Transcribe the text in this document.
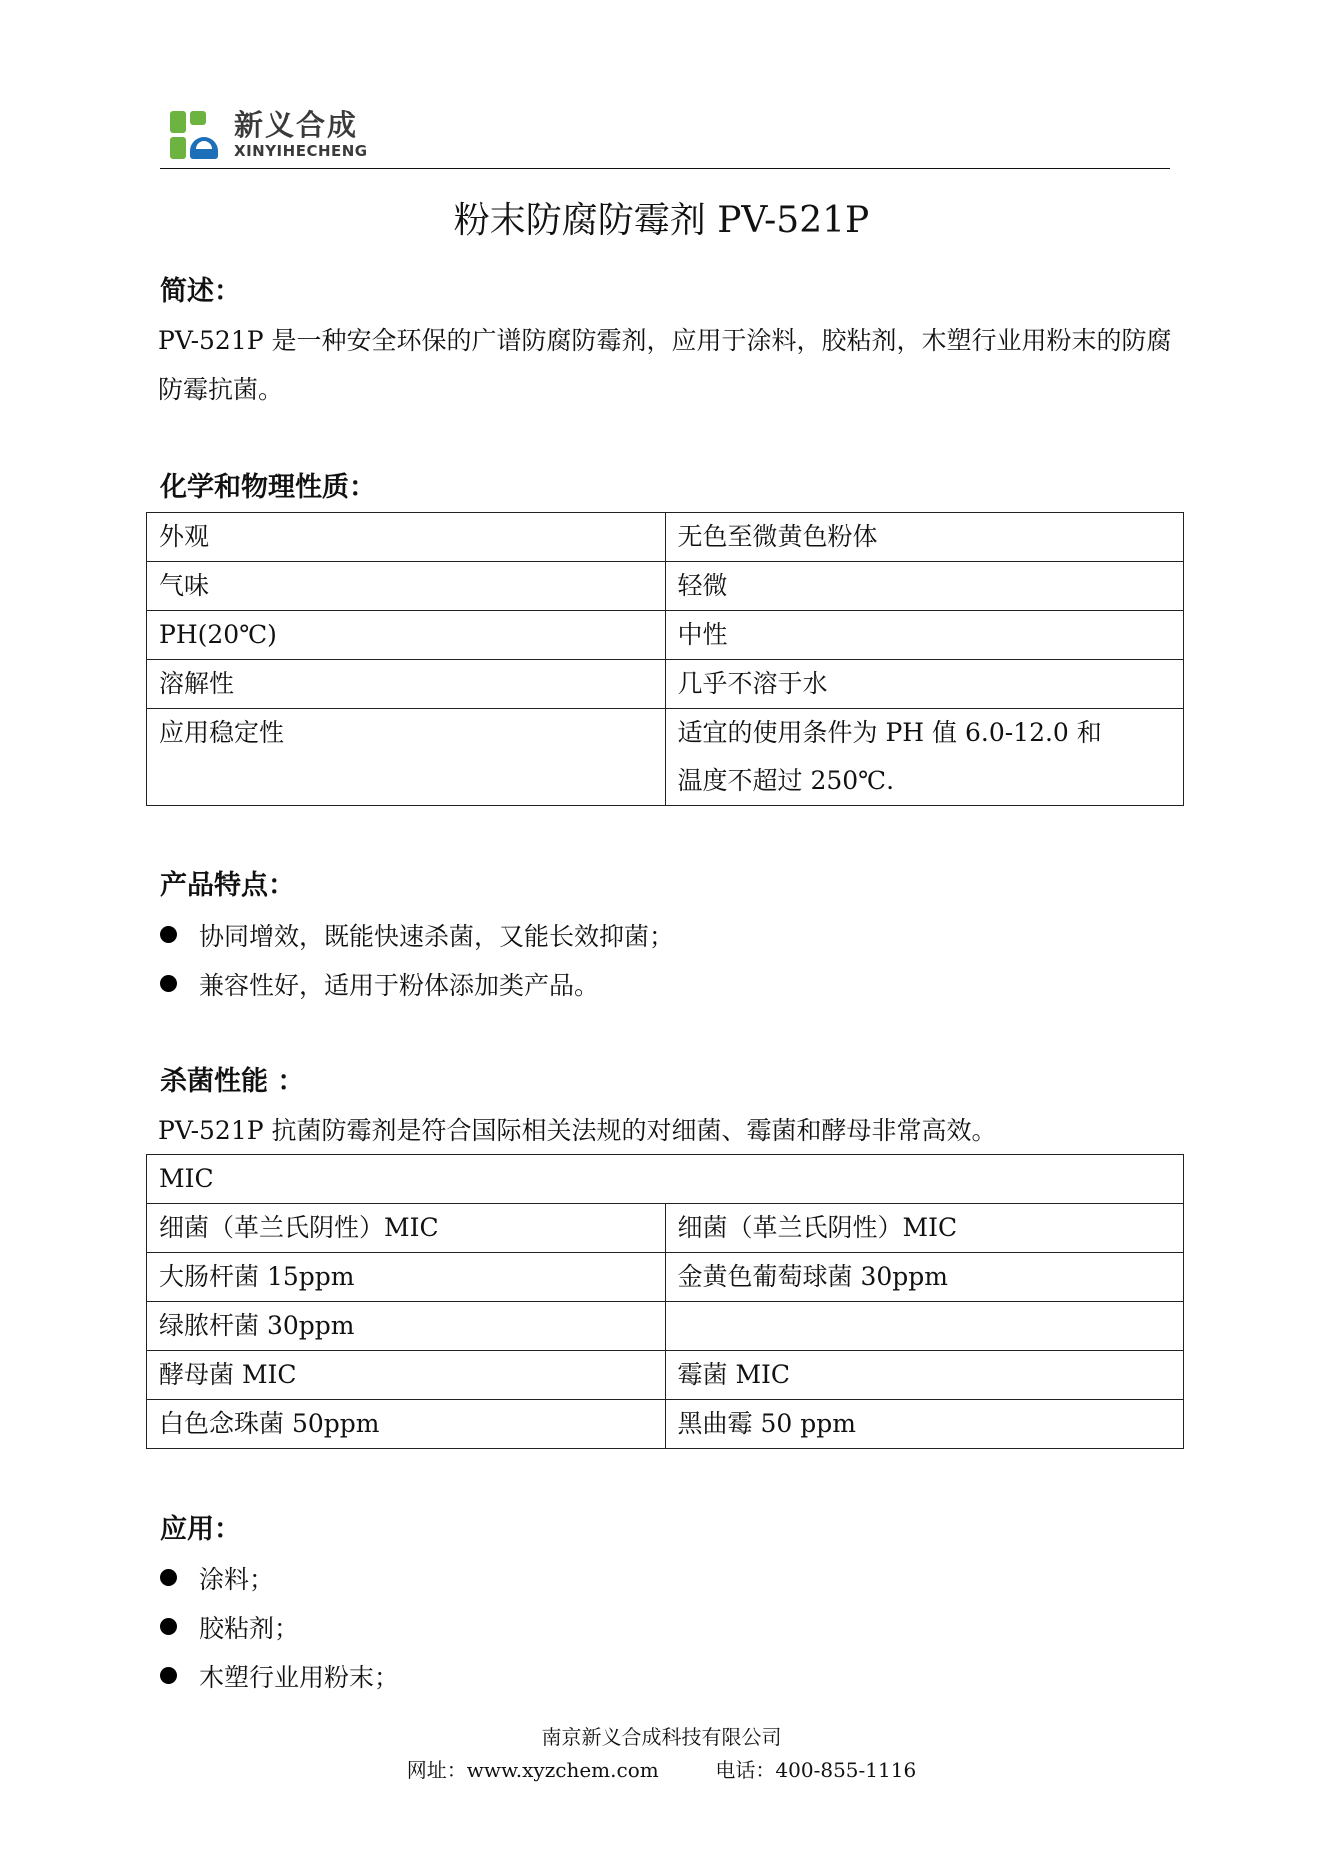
新义合成
XINYIHECHENG
粉末防腐防霉剂 PV-521P
简述：
PV-521P 是一种安全环保的广谱防腐防霉剂，应用于涂料，胶粘剂，木塑行业用粉末的防腐防霉抗菌。
化学和物理性质：
外观	无色至微黄色粉体
气味	轻微
PH(20℃)	中性
溶解性	几乎不溶于水
应用稳定性	适宜的使用条件为 PH 值 6.0-12.0 和温度不超过 250℃.
产品特点：
协同增效，既能快速杀菌，又能长效抑菌；
兼容性好，适用于粉体添加类产品。
杀菌性能 ：
PV-521P 抗菌防霉剂是符合国际相关法规的对细菌、霉菌和酵母非常高效。
MIC	
细菌（革兰氏阴性）MIC	细菌（革兰氏阴性）MIC
大肠杆菌 15ppm	金黄色葡萄球菌 30ppm
绿脓杆菌 30ppm	
酵母菌 MIC	霉菌 MIC
白色念珠菌 50ppm	黑曲霉 50 ppm
应用：
涂料；
胶粘剂；
木塑行业用粉末；
南京新义合成科技有限公司
网址：www.xyzchem.com	电话：400-855-1116
